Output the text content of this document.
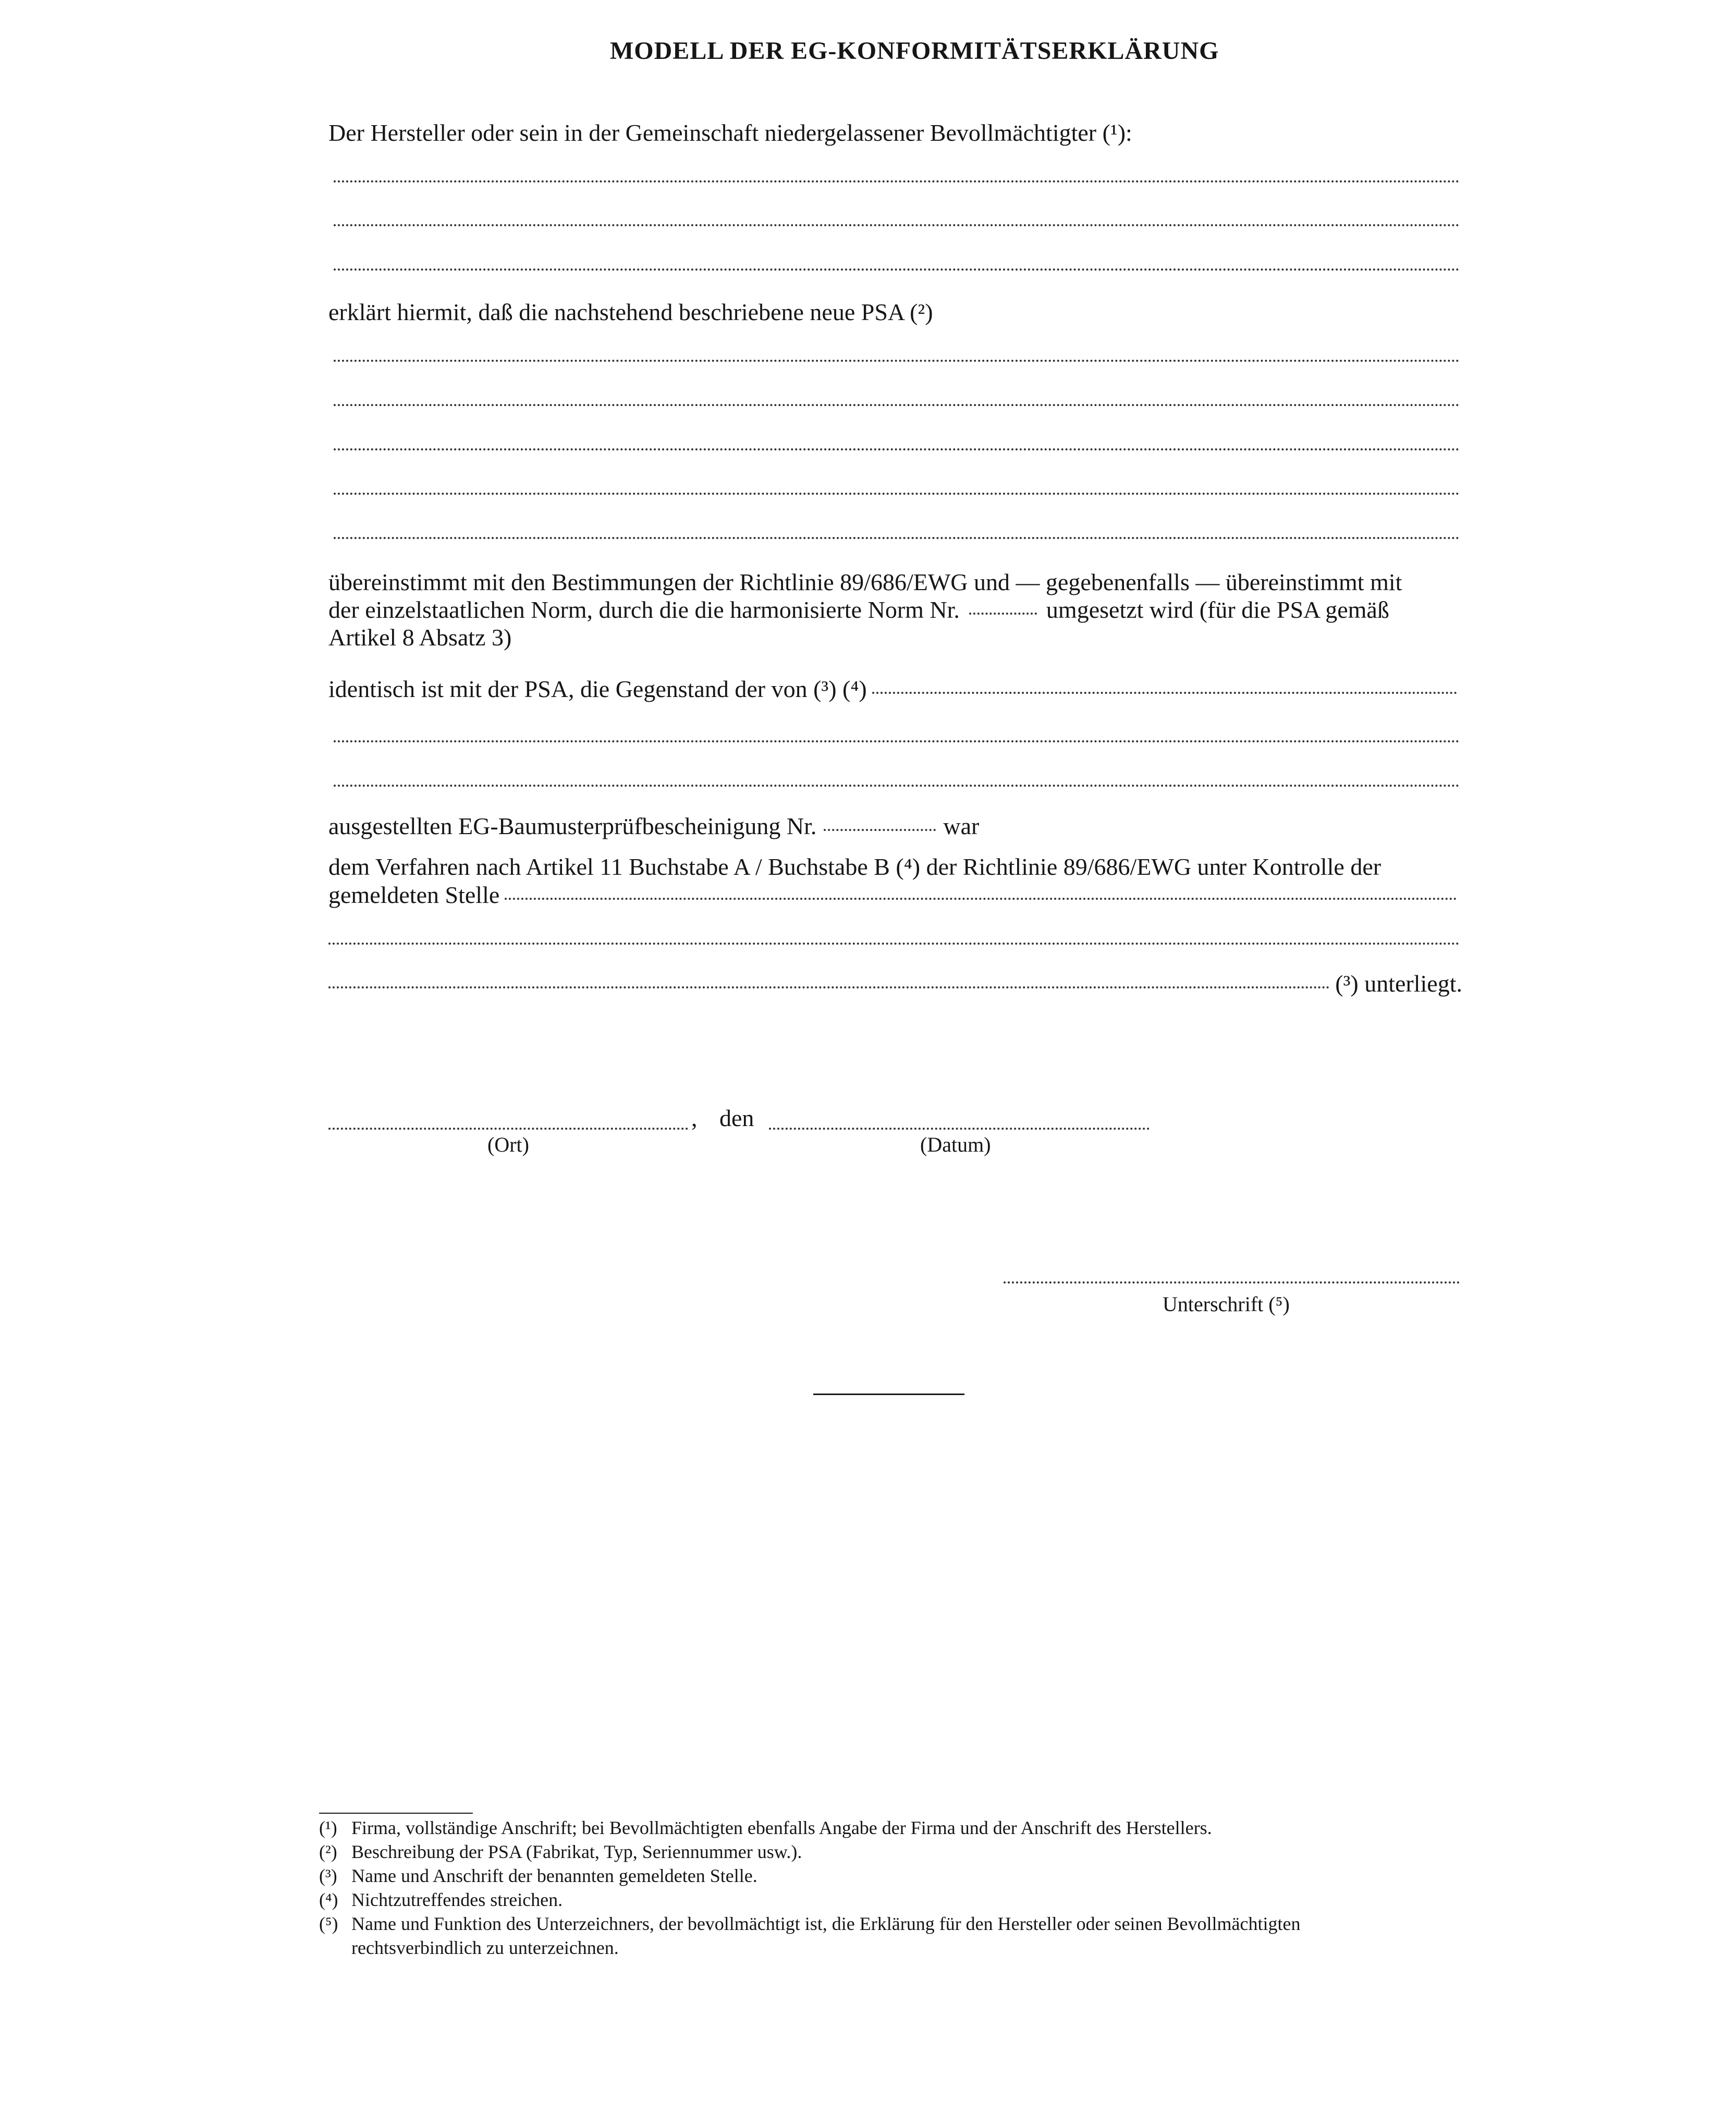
MODELL DER EG-KONFORMITÄTSERKLÄRUNG
Der Hersteller oder sein in der Gemeinschaft niedergelassener Bevollmächtigter (¹):
erklärt hiermit, daß die nachstehend beschriebene neue PSA (²)
übereinstimmt mit den Bestimmungen der Richtlinie 89/686/EWG und — gegebenenfalls — übereinstimmt mit
der einzelstaatlichen Norm, durch die die harmonisierte Norm Nr.	umgesetzt wird (für die PSA gemäß
Artikel 8 Absatz 3)
identisch ist mit der PSA, die Gegenstand der von (³) (⁴)
ausgestellten EG-Baumusterprüfbescheinigung Nr.	war
dem Verfahren nach Artikel 11 Buchstabe A / Buchstabe B (⁴) der Richtlinie 89/686/EWG unter Kontrolle der
gemeldeten Stelle
(³) unterliegt.
, den
(Ort)	(Datum)
Unterschrift (⁵)
(¹) Firma, vollständige Anschrift; bei Bevollmächtigten ebenfalls Angabe der Firma und der Anschrift des Herstellers.
(²) Beschreibung der PSA (Fabrikat, Typ, Seriennummer usw.).
(³) Name und Anschrift der benannten gemeldeten Stelle.
(⁴) Nichtzutreffendes streichen.
(⁵) Name und Funktion des Unterzeichners, der bevollmächtigt ist, die Erklärung für den Hersteller oder seinen Bevollmächtigten
rechtsverbindlich zu unterzeichnen.
